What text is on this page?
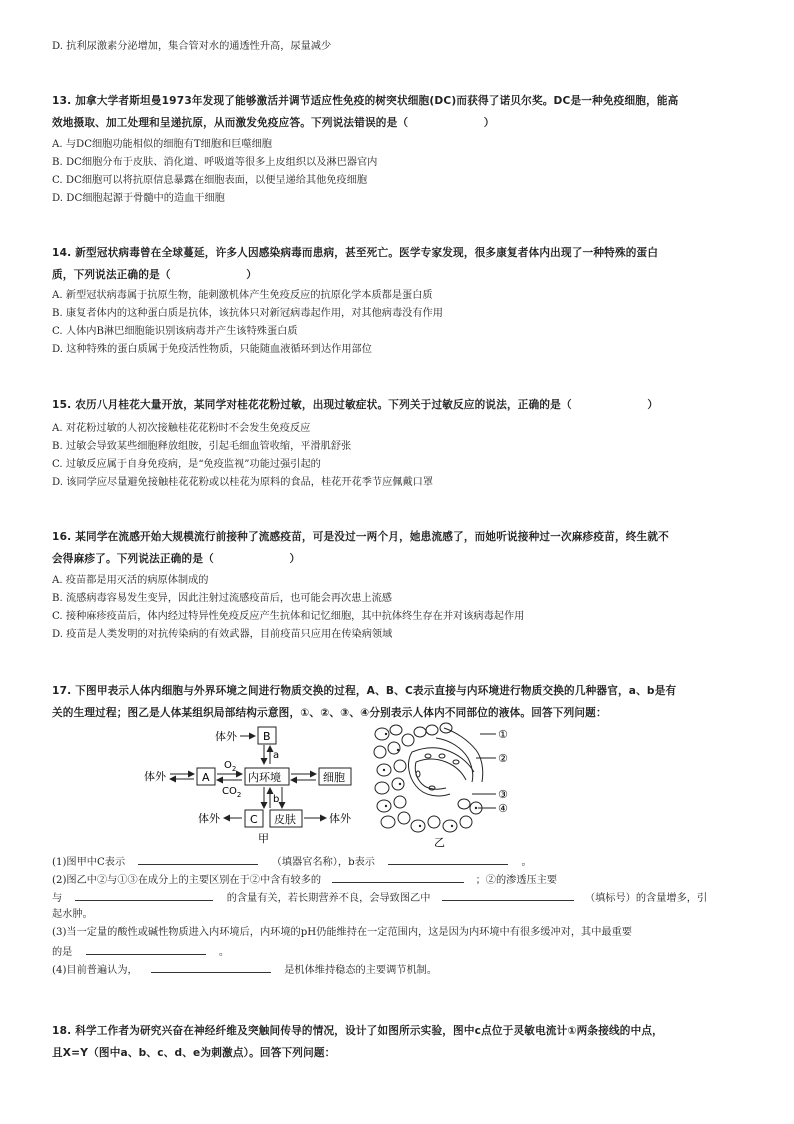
D. 抗利尿激素分泌增加，集合管对水的通透性升高，尿量减少
13. 加拿大学者斯坦曼1973年发现了能够激活并调节适应性免疫的树突状细胞(DC)而获得了诺贝尔奖。DC是一种免疫细胞，能高
效地摄取、加工处理和呈递抗原，从而激发免疫应答。下列说法错误的是（　　　　　　　）
A. 与DC细胞功能相似的细胞有T细胞和巨噬细胞
B. DC细胞分布于皮肤、消化道、呼吸道等很多上皮组织以及淋巴器官内
C. DC细胞可以将抗原信息暴露在细胞表面，以便呈递给其他免疫细胞
D. DC细胞起源于骨髓中的造血干细胞
14. 新型冠状病毒曾在全球蔓延，许多人因感染病毒而患病，甚至死亡。医学专家发现，很多康复者体内出现了一种特殊的蛋白
质，下列说法正确的是（　　　　　　　）
A. 新型冠状病毒属于抗原生物，能刺激机体产生免疫反应的抗原化学本质都是蛋白质
B. 康复者体内的这种蛋白质是抗体，该抗体只对新冠病毒起作用，对其他病毒没有作用
C. 人体内B淋巴细胞能识别该病毒并产生该特殊蛋白质
D. 这种特殊的蛋白质属于免疫活性物质，只能随血液循环到达作用部位
15. 农历八月桂花大量开放，某同学对桂花花粉过敏，出现过敏症状。下列关于过敏反应的说法，正确的是（　　　　　　　）
A. 对花粉过敏的人初次接触桂花花粉时不会发生免疫反应
B. 过敏会导致某些细胞释放组胺，引起毛细血管收缩，平滑肌舒张
C. 过敏反应属于自身免疫病，是“免疫监视”功能过强引起的
D. 该同学应尽量避免接触桂花花粉或以桂花为原料的食品，桂花开花季节应佩戴口罩
16. 某同学在流感开始大规模流行前接种了流感疫苗，可是没过一两个月，她患流感了，而她听说接种过一次麻疹疫苗，终生就不
会得麻疹了。下列说法正确的是（　　　　　　　）
A. 疫苗都是用灭活的病原体制成的
B. 流感病毒容易发生变异，因此注射过流感疫苗后，也可能会再次患上流感
C. 接种麻疹疫苗后，体内经过特异性免疫反应产生抗体和记忆细胞，其中抗体终生存在并对该病毒起作用
D. 疫苗是人类发明的对抗传染病的有效武器，目前疫苗只应用在传染病领域
17. 下图甲表示人体内细胞与外界环境之间进行物质交换的过程，A、B、C表示直接与内环境进行物质交换的几种器官，a、b是有
关的生理过程；图乙是人体某组织局部结构示意图，①、②、③、④分别表示人体内不同部位的液体。回答下列问题：
体外 B
a
体外	A
$O_2$
$CO_2$
内环境	细胞
b
体外	C 皮肤	体外
甲
①
②
③
④
乙
(1)图甲中C表示	（填器官名称），b表示	。
(2)图乙中②与①③在成分上的主要区别在于②中含有较多的	；②的渗透压主要
与	的含量有关，若长期营养不良，会导致图乙中	（填标号）的含量增多，引
起水肿。
(3)当一定量的酸性或碱性物质进入内环境后，内环境的pH仍能维持在一定范围内，这是因为内环境中有很多缓冲对，其中最重要
的是	。
(4)目前普遍认为，	是机体维持稳态的主要调节机制。
18. 科学工作者为研究兴奋在神经纤维及突触间传导的情况，设计了如图所示实验，图中c点位于灵敏电流计①两条接线的中点，
且X=Y（图中a、b、c、d、e为刺激点）。回答下列问题：
